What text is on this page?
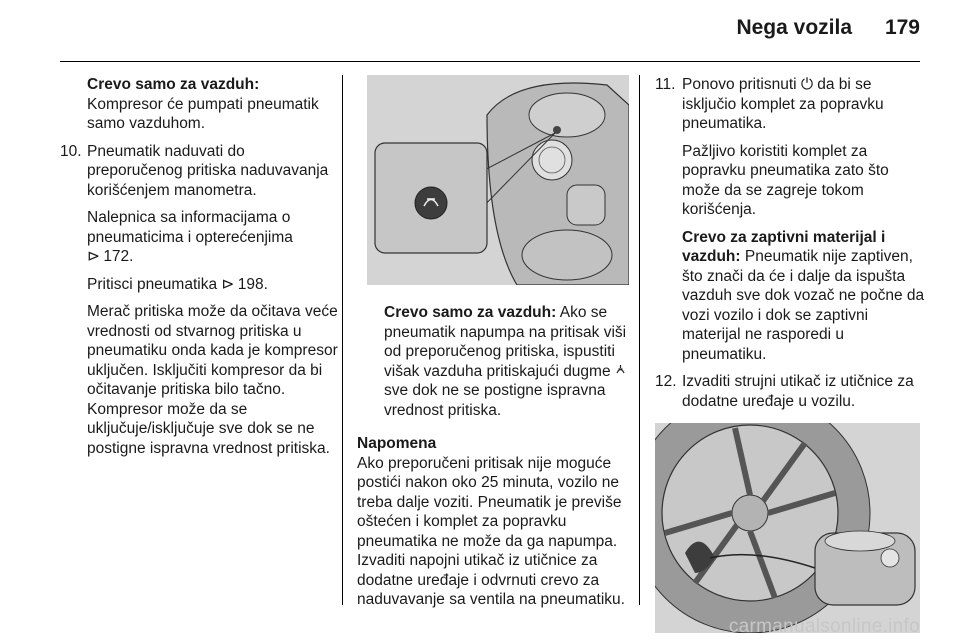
Nega vozila 179
Crevo samo za vazduh:
Kompresor će pumpati pneumatik samo vazduhom.
10. Pneumatik naduvati do preporučenog pritiska naduvavanja korišćenjem manometra.
Nalepnica sa informacijama o pneumaticima i opterećenjima
⊳ 172.
Pritisci pneumatika ⊳ 198.
Merač pritiska može da očitava veće vrednosti od stvarnog pritiska u pneumatiku onda kada je kompresor uključen. Isključiti kompresor da bi očitavanje pritiska bilo tačno. Kompresor može da se uključuje/isključuje sve dok se ne postigne ispravna vrednost pritiska.
Crevo samo za vazduh: Ako se pneumatik napumpa na pritisak viši od preporučenog pritiska, ispustiti višak vazduha pritiskajući dugme  sve dok ne se postigne ispravna vrednost pritiska.
Napomena
Ako preporučeni pritisak nije moguće postići nakon oko 25 minuta, vozilo ne treba dalje voziti. Pneumatik je previše oštećen i komplet za popravku pneumatika ne može da ga napumpa. Izvaditi napojni utikač iz utičnice za dodatne uređaje i odvrnuti crevo za naduvavanje sa ventila na pneumatiku.
11. Ponovo pritisnuti ⏻ da bi se isključio komplet za popravku pneumatika.
Pažljivo koristiti komplet za popravku pneumatika zato što može da se zagreje tokom korišćenja.
Crevo za zaptivni materijal i vazduh: Pneumatik nije zaptiven, što znači da će i dalje da ispušta vazduh sve dok vozač ne počne da vozi vozilo i dok se zaptivni materijal ne rasporedi u pneumatiku.
12. Izvaditi strujni utikač iz utičnice za dodatne uređaje u vozilu.
carmanualsonline.info
